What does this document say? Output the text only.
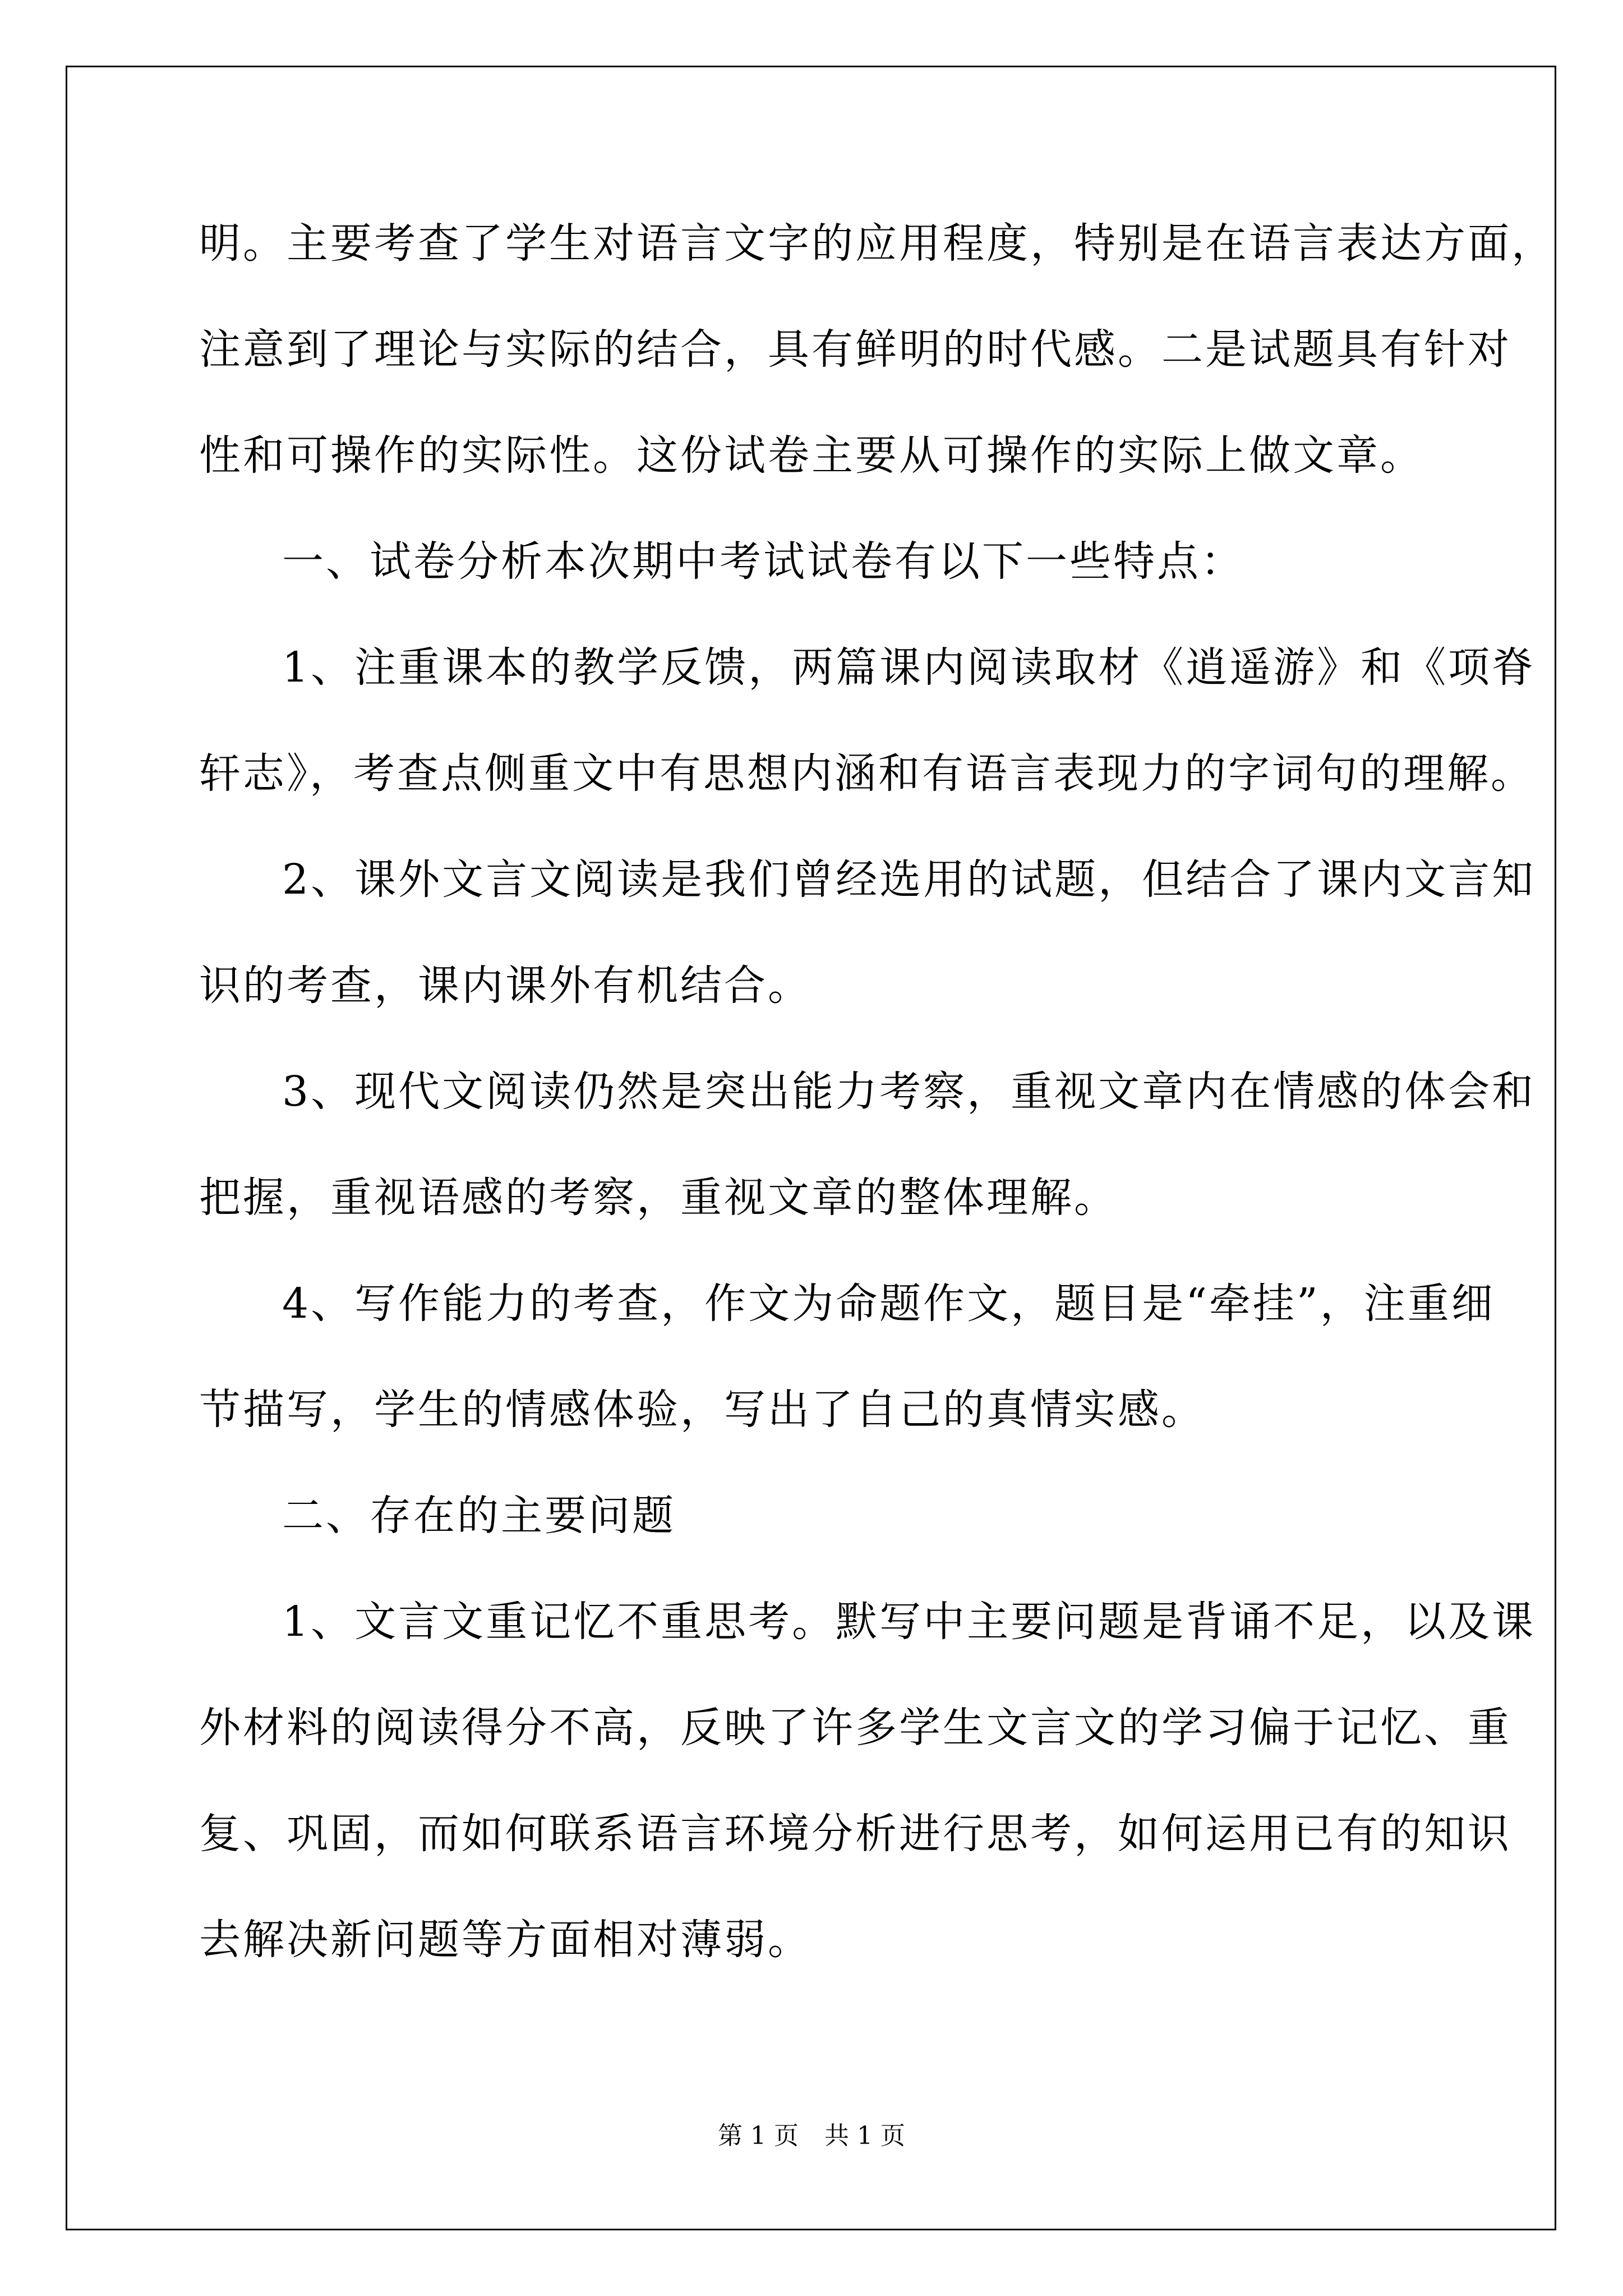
明。主要考查了学生对语言文字的应用程度，特别是在语言表达方面，

注意到了理论与实际的结合，具有鲜明的时代感。二是试题具有针对

性和可操作的实际性。这份试卷主要从可操作的实际上做文章。

一、试卷分析本次期中考试试卷有以下一些特点：

1、注重课本的教学反馈，两篇课内阅读取材《逍遥游》和《项脊

轩志》，考查点侧重文中有思想内涵和有语言表现力的字词句的理解。

2、课外文言文阅读是我们曾经选用的试题，但结合了课内文言知

识的考查，课内课外有机结合。

3、现代文阅读仍然是突出能力考察，重视文章内在情感的体会和

把握，重视语感的考察，重视文章的整体理解。

4、写作能力的考查，作文为命题作文，题目是“牵挂”，注重细

节描写，学生的情感体验，写出了自己的真情实感。

二、存在的主要问题

1、文言文重记忆不重思考。默写中主要问题是背诵不足，以及课

外材料的阅读得分不高，反映了许多学生文言文的学习偏于记忆、重

复、巩固，而如何联系语言环境分析进行思考，如何运用已有的知识

去解决新问题等方面相对薄弱。

第 1 页 共 1 页
